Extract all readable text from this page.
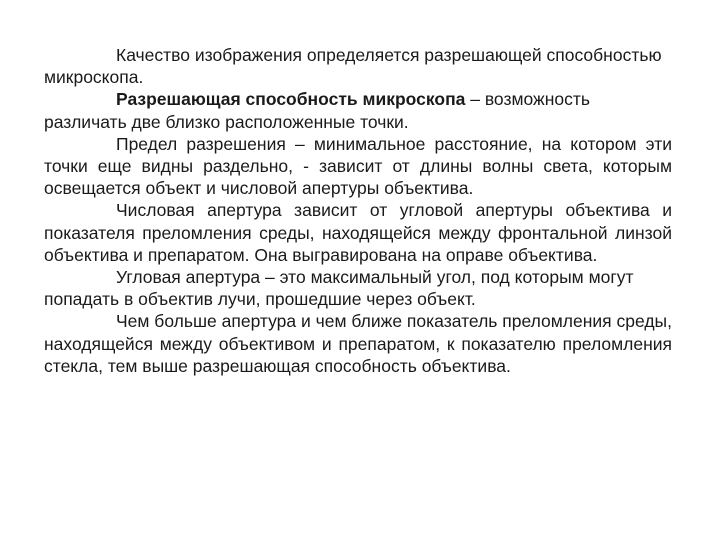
Качество изображения определяется разрешающей способностью микроскопа.

Разрешающая способность микроскопа – возможность различать две близко расположенные точки.

Предел разрешения – минимальное расстояние, на котором эти точки еще видны раздельно, - зависит от длины волны света, которым освещается объект и числовой апертуры объектива.

Числовая апертура зависит от угловой апертуры объектива и показателя преломления среды, находящейся между фронтальной линзой объектива и препаратом. Она выгравирована на оправе объектива.

Угловая апертура – это максимальный угол, под которым могут попадать в объектив лучи, прошедшие через объект.

Чем больше апертура и чем ближе показатель преломления среды, находящейся между объективом и препаратом, к показателю преломления стекла, тем выше разрешающая способность объектива.
